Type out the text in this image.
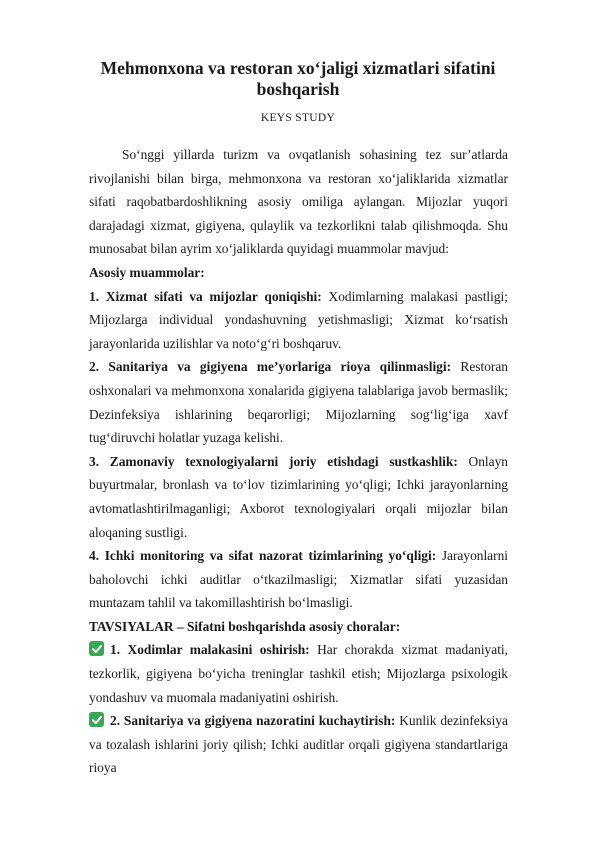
Mehmonxona va restoran xo‘jaligi xizmatlari sifatini boshqarish
KEYS STUDY

So‘nggi yillarda turizm va ovqatlanish sohasining tez sur’atlarda rivojlanishi bilan birga, mehmonxona va restoran xo‘jaliklarida xizmatlar sifati raqobatbardoshlikning asosiy omiliga aylangan. Mijozlar yuqori darajadagi xizmat, gigiyena, qulaylik va tezkorlikni talab qilishmoqda. Shu munosabat bilan ayrim xo‘jaliklarda quyidagi muammolar mavjud:

Asosiy muammolar:

1. Xizmat sifati va mijozlar qoniqishi: Xodimlarning malakasi pastligi; Mijozlarga individual yondashuvning yetishmasligi; Xizmat ko‘rsatish jarayonlarida uzilishlar va noto‘g‘ri boshqaruv.

2. Sanitariya va gigiyena me’yorlariga rioya qilinmasligi: Restoran oshxonalari va mehmonxona xonalarida gigiyena talablariga javob bermaslik; Dezinfeksiya ishlarining beqarorligi; Mijozlarning sog‘lig‘iga xavf tug‘diruvchi holatlar yuzaga kelishi.

3. Zamonaviy texnologiyalarni joriy etishdagi sustkashlik: Onlayn buyurtmalar, bronlash va to‘lov tizimlarining yo‘qligi; Ichki jarayonlarning avtomatlashtirilmaganligi; Axborot texnologiyalari orqali mijozlar bilan aloqaning sustligi.

4. Ichki monitoring va sifat nazorat tizimlarining yo‘qligi: Jarayonlarni baholovchi ichki auditlar o‘tkazilmasligi; Xizmatlar sifati yuzasidan muntazam tahlil va takomillashtirish bo‘lmasligi.

TAVSIYALAR – Sifatni boshqarishda asosiy choralar:

1. Xodimlar malakasini oshirish: Har chorakda xizmat madaniyati, tezkorlik, gigiyena bo‘yicha treninglar tashkil etish; Mijozlarga psixologik yondashuv va muomala madaniyatini oshirish.

2. Sanitariya va gigiyena nazoratini kuchaytirish: Kunlik dezinfeksiya va tozalash ishlarini joriy qilish; Ichki auditlar orqali gigiyena standartlariga rioya
